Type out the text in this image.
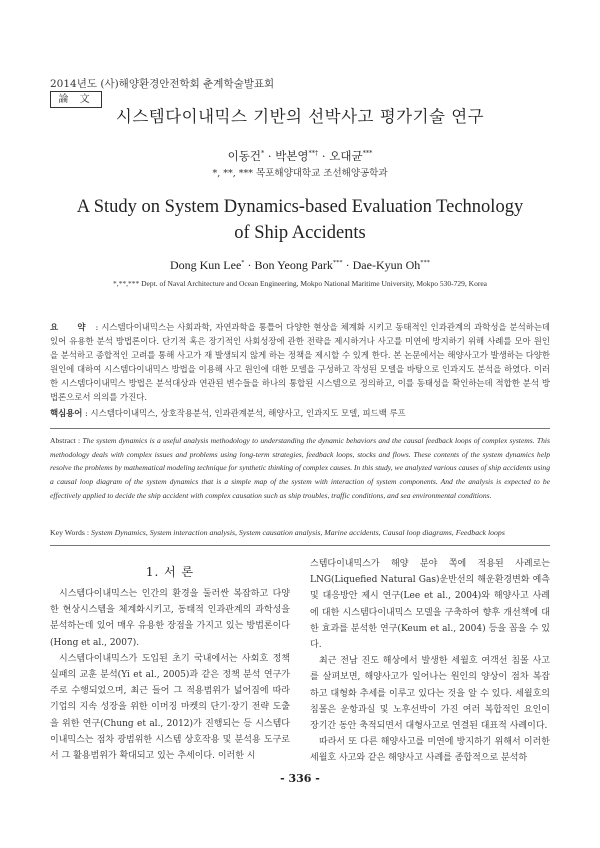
2014년도 (사)해양환경안전학회 춘계학술발표회
論 文
시스템다이내믹스 기반의 선박사고 평가기술 연구
이동건* · 박본영**† · 오대균***
*, **, *** 목포해양대학교 조선해양공학과
A Study on System Dynamics-based Evaluation Technology
of Ship Accidents
Dong Kun Lee* · Bon Yeong Park*** · Dae-Kyun Oh***
*,**,*** Dept. of Naval Architecture and Ocean Engineering, Mokpo National Maritime University, Mokpo 530-729, Korea
요 약 : 시스템다이내믹스는 사회과학, 자연과학을 통틀어 다양한 현상을 체계화 시키고 동태적인 인과관계의 과학성을 분석하는데 있어 유용한 분석 방법론이다. 단기적 혹은 장기적인 사회성장에 관한 전략을 제시하거나 사고를 미연에 방지하기 위해 사례를 모아 원인을 분석하고 종합적인 고려를 통해 사고가 재 발생되지 않게 하는 정책을 제시할 수 있게 한다. 본 논문에서는 해양사고가 발생하는 다양한 원인에 대하여 시스템다이내믹스 방법을 이용해 사고 원인에 대한 모델을 구성하고 작성된 모델을 바탕으로 인과지도 분석을 하였다. 이러한 시스템다이내믹스 방법은 분석대상과 연관된 변수들을 하나의 통합된 시스템으로 정의하고, 이를 동태성을 확인하는데 적합한 분석 방법론으로서 의의를 가진다.
핵심용어 : 시스템다이내믹스, 상호작용분석, 인과관계분석, 해양사고, 인과지도 모델, 피드백 루프
Abstract : The system dynamics is a useful analysis methodology to understanding the dynamic behaviors and the causal feedback loops of complex systems. This methodology deals with complex issues and problems using long-term strategies, feedback loops, stocks and flows. These contents of the system dynamics help resolve the problems by mathematical modeling technique for synthetic thinking of complex causes. In this study, we analyzed various causes of ship accidents using a causal loop diagram of the system dynamics that is a simple map of the system with interaction of system components. And the analysis is expected to be effectively applied to decide the ship accident with complex causation such as ship troubles, traffic conditions, and sea environmental conditions.
Key Words : System Dynamics, System interaction analysis, System causation analysis, Marine accidents, Causal loop diagrams, Feedback loops
1. 서 론

시스템다이내믹스는 인간의 환경을 둘러싼 복잡하고 다양한 현상시스템을 체계화시키고, 동태적 인과관계의 과학성을 분석하는데 있어 매우 유용한 장점을 가지고 있는 방법론이다(Hong et al., 2007).

시스템다이내믹스가 도입된 초기 국내에서는 사회호 정책실패의 교훈 분석(Yi et al., 2005)과 같은 정책 분석 연구가 주로 수행되었으며, 최근 들어 그 적용범위가 넓어짐에 따라 기업의 지속 성장을 위한 이머징 마켓의 단기·장기 전략 도출을 위한 연구(Chung et al., 2012)가 진행되는 등 시스템다이내믹스는 점차 광범위한 시스템 상호작용 및 분석용 도구로서 그 활용범위가 확대되고 있는 추세이다. 이러한 시

스템다이내믹스가 해양 분야 쪽에 적용된 사례로는 LNG(Liquefied Natural Gas)운반선의 해운환경변화 예측 및 대응방안 제시 연구(Lee et al., 2004)와 해양사고 사례에 대한 시스템다이내믹스 모델을 구축하여 향후 개선책에 대한 효과를 분석한 연구(Keum et al., 2004) 등을 꼽을 수 있다.

최근 전남 진도 해상에서 발생한 세월호 여객선 침몰 사고를 살펴보면, 해양사고가 일어나는 원인의 양상이 점차 복잡하고 대형화 추세를 이루고 있다는 것을 알 수 있다. 세월호의 침몰은 운항과실 및 노후선박이 가진 여러 복합적인 요인이 장기간 동안 축적되면서 대형사고로 연결된 대표적 사례이다.

따라서 또 다른 해양사고를 미연에 방지하기 위해서 이러한 세월호 사고와 같은 해양사고 사례를 종합적으로 분석하

- 336 -
